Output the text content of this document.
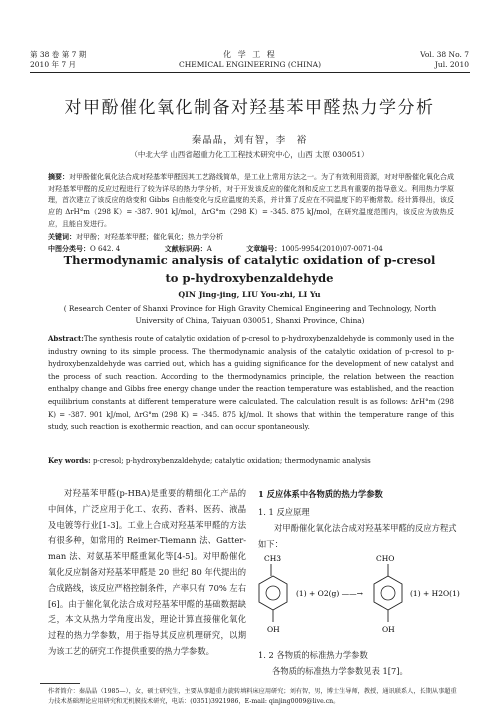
第 38 卷 第 7 期
2010 年 7 月
化 学 工 程
CHEMICAL ENGINEERING (CHINA)
Vol. 38 No. 7
Jul. 2010
对甲酚催化氧化制备对羟基苯甲醛热力学分析
秦晶晶，刘有智，李　裕
（中北大学 山西省超重力化工工程技术研究中心，山西 太原 030051）
摘要：对甲酚催化氧化法合成对羟基苯甲醛因其工艺路线简单，是工业上常用方法之一。为了有效利用资源，对对甲酚催化氧化合成对羟基苯甲醛的反应过程进行了较为详尽的热力学分析，对于开发该反应的催化剂和反应工艺具有重要的指导意义。利用热力学原理，首次建立了该反应的焓变和 Gibbs 自由能变化与反应温度的关系，并计算了反应在不同温度下的平衡常数。经计算得出，该反应的 ΔrH°m（298 K）= -387. 901 kJ/mol，ΔrG°m（298 K）= -345. 875 kJ/mol，在研究温度范围内，该反应为放热反应，且能自发进行。
关键词：对甲酚；对羟基苯甲醛；催化氧化；热力学分析
中图分类号：O 642. 4	文献标识码：A	文章编号：1005-9954(2010)07-0071-04
Thermodynamic analysis of catalytic oxidation of p-cresol
to p-hydroxybenzaldehyde
QIN Jing-jing, LIU You-zhi, LI Yu
( Research Center of Shanxi Province for High Gravity Chemical Engineering and Technology, North University of China, Taiyuan 030051, Shanxi Province, China)
Abstract:The synthesis route of catalytic oxidation of p-cresol to p-hydroxybenzaldehyde is commonly used in the industry owning to its simple process. The thermodynamic analysis of the catalytic oxidation of p-cresol to p-hydroxybenzaldehyde was carried out, which has a guiding significance for the development of new catalyst and the process of such reaction. According to the thermodynamics principle, the relation between the reaction enthalpy change and Gibbs free energy change under the reaction temperature was established, and the reaction equilibrium constants at different temperature were calculated. The calculation result is as follows: ΔrH°m (298 K) = -387. 901 kJ/mol, ΔrG°m (298 K) = -345. 875 kJ/mol. It shows that within the temperature range of this study, such reaction is exothermic reaction, and can occur spontaneously.
Key words: p-cresol; p-hydroxybenzaldehyde; catalytic oxidation; thermodynamic analysis
对羟基苯甲醛(p-HBA)是重要的精细化工产品的中间体，广泛应用于化工、农药、香料、医药、液晶及电镀等行业[1-3]。工业上合成对羟基苯甲醛的方法有很多种，如常用的 Reimer-Tiemann 法、Gatter-man 法、对氨基苯甲醛重氮化等[4-5]。对甲酚催化氧化反应制备对羟基苯甲醛是 20 世纪 80 年代提出的合成路线，该反应严格控制条件，产率只有 70% 左右[6]。由于催化氧化法合成对羟基苯甲醛的基础数据缺乏，本文从热力学角度出发，理论计算直接催化氧化过程的热力学参数，用于指导其反应机理研究，以期为该工艺的研究工作提供重要的热力学参数。
1 反应体系中各物质的热力学参数
1. 1 反应原理
对甲酚催化氧化法合成对羟基苯甲醛的反应方程式如下：
CH3
OH
(1) + O2(g) ——→
CHO
OH
(1) + H2O(1)
1. 2 各物质的标准热力学参数
各物质的标准热力学参数见表 1[7]。
作者简介：秦晶晶（1985—），女，硕士研究生，主要从事超重力旋转填料床应用研究；刘有智，男，博士生导师，教授，通讯联系人，长期从事超重力技术基础理论应用研究和无机膜技术研究，电话：(0351)3921986，E-mail: qinjing0009@live.cn。
